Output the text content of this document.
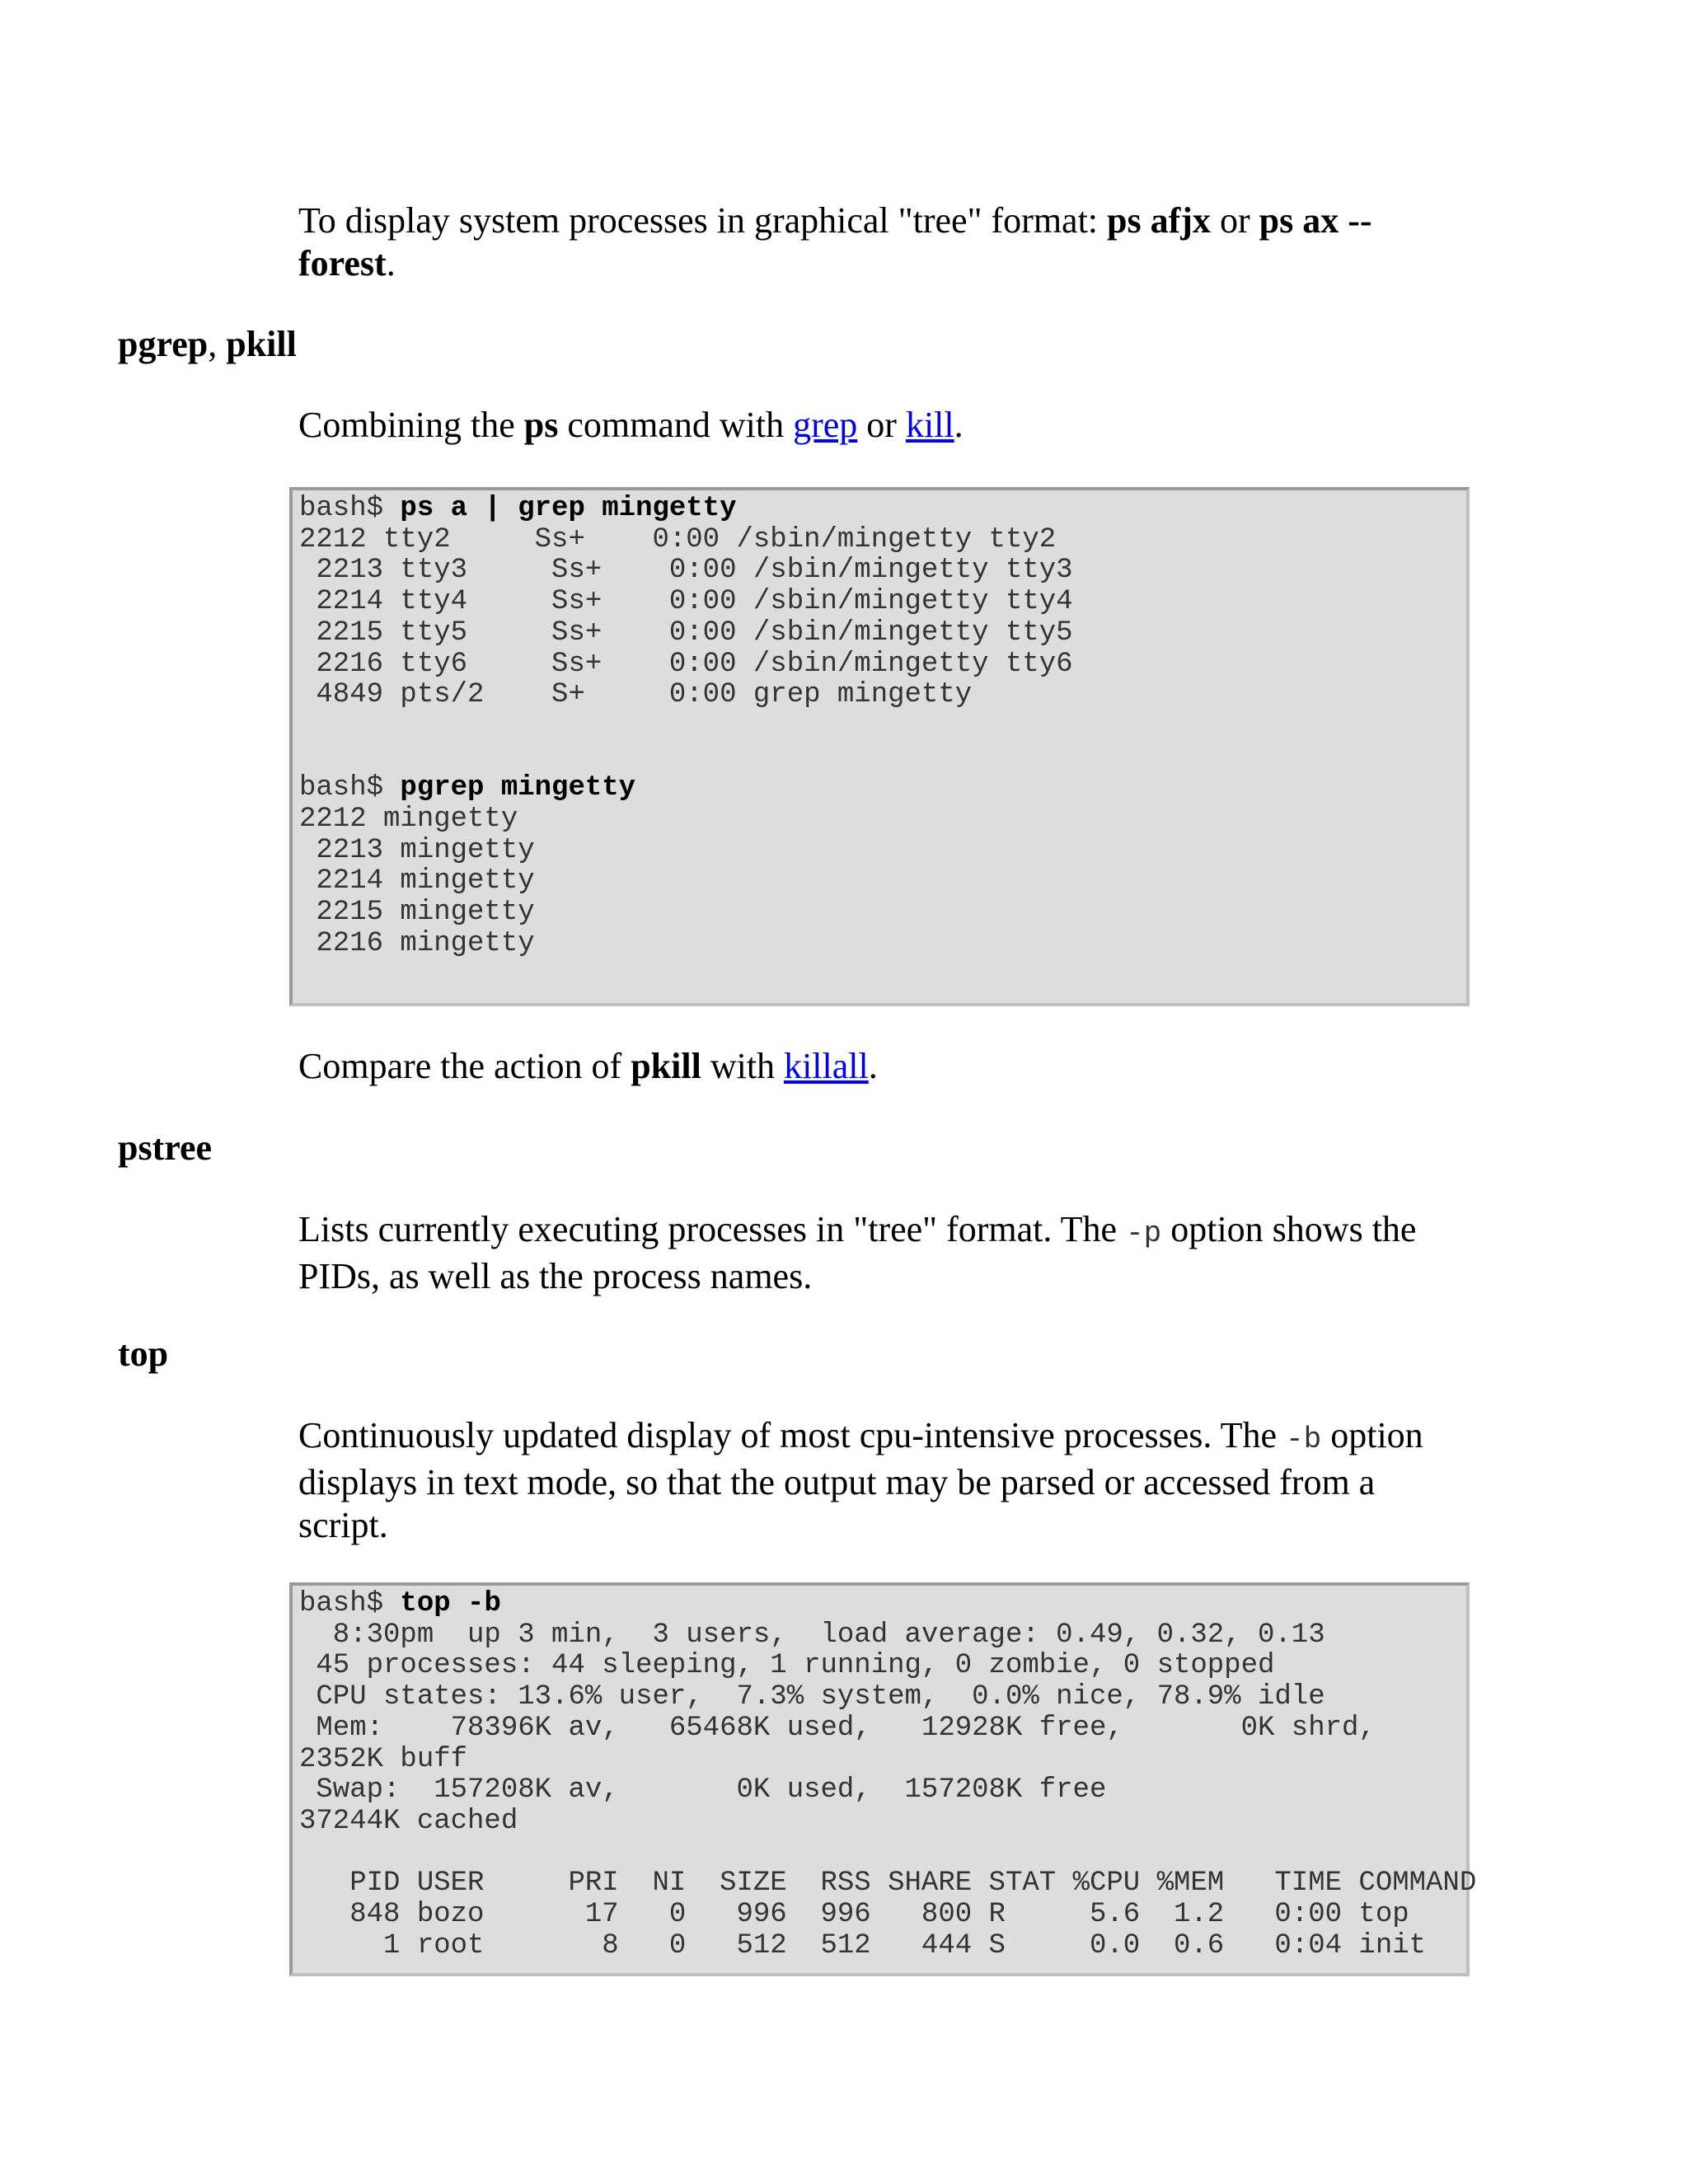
To display system processes in graphical "tree" format: ps afjx or ps ax --forest.

pgrep, pkill

Combining the ps command with grep or kill.

bash$ ps a | grep mingetty
2212 tty2     Ss+    0:00 /sbin/mingetty tty2
2213 tty3     Ss+    0:00 /sbin/mingetty tty3
2214 tty4     Ss+    0:00 /sbin/mingetty tty4
2215 tty5     Ss+    0:00 /sbin/mingetty tty5
2216 tty6     Ss+    0:00 /sbin/mingetty tty6
4849 pts/2    S+     0:00 grep mingetty

bash$ pgrep mingetty
2212 mingetty
2213 mingetty
2214 mingetty
2215 mingetty
2216 mingetty

Compare the action of pkill with killall.

pstree

Lists currently executing processes in "tree" format. The -p option shows the PIDs, as well as the process names.

top

Continuously updated display of most cpu-intensive processes. The -b option displays in text mode, so that the output may be parsed or accessed from a script.

bash$ top -b
8:30pm  up 3 min,  3 users,  load average: 0.49, 0.32, 0.13
45 processes: 44 sleeping, 1 running, 0 zombie, 0 stopped
CPU states: 13.6% user,  7.3% system,  0.0% nice, 78.9% idle
Mem:    78396K av,   65468K used,   12928K free,       0K shrd,
2352K buff
Swap:  157208K av,       0K used,  157208K free
37244K cached

PID USER     PRI  NI  SIZE  RSS SHARE STAT %CPU %MEM   TIME COMMAND
848 bozo      17   0   996  996   800 R     5.6  1.2   0:00 top
1 root       8   0   512  512   444 S     0.0  0.6   0:04 init
